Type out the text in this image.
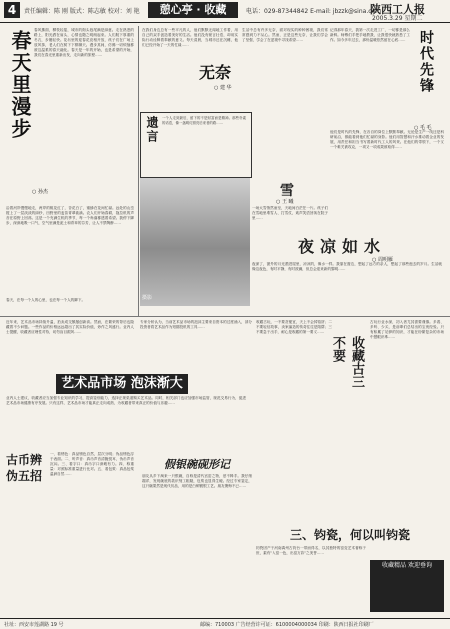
4	责任编辑：陈 刚 版式：陈志敏 校对：刘 艳	憩心亭 · 收藏	电话：029-87344842 E-mail: jbzzk@sina.com
陕西工人报
2005.3.29 星期二
春天里漫步
○ 孙杰
春风拂面，柳枝轻摇，城市的街头巷尾满是绿意。走在熟悉的路上，阳光洒在肩头，心情也随之明朗起来。人们脱下厚重的冬衣，步履轻快。花坛里的迎春花竞相开放，孩子们在广场上放风筝，老人们在树下下棋聊天。漫步其间，仿佛一切烦恼都被这温柔的春天融化。春天是一年的开始，也是希望的开始，我们在春光里重新出发，走向新的旅程……
沿着河岸慢慢地走，两岸的桃花红了，杏花白了，蜜蜂在花间忙碌。远处的山峦披上了一层淡淡的绿纱，田野里的麦苗青翠欲滴。农人们开始春耕，拖拉机的声音在原野上回荡。这是一个充满生机的季节，每一个角落都透着希望。我停下脚步，深深地吸一口气，空气里满是泥土和青草的芬芳，让人不禁陶醉……
春天，在每一个人的心里，也在每一个人的脚下。
在我们身边总有一些平凡的人，他们默默无闻地工作着，用自己的双手创造着美好的生活。他们没有豪言壮语，却用实际行动诠释着奉献的意义。每天清晨，当城市还在沉睡，他们已经开始了一天的忙碌……
生活中总有许多无奈，面对现实的种种困境，我们常常感到力不从心。然而，正是这些无奈，让我们学会了坚强，学会了在逆境中寻找希望……
记得那年春天，我第一次走进工厂，一切都是那么新鲜。师傅们手把手地教我，让我很快就熟悉了工作。如今多年过去，那份温暖依然留在心底…… 时代先锋
○ 毛 毛
他们是时代的先锋，在各自的岗位上默默奉献。无论是生产一线还是科研前沿，都能看到他们忙碌的身影。他们用智慧和汗水推动着企业的发展，用责任和担当书写着新时代工人的风采。在他们的带领下，一个又一个难关被攻克，一项又一项成果被取得……
无奈
○ 建 华
遗言 一个人走到最后，留下的不是财富而是精神。那些朴素的话语，像一盏明灯照亮后来者的路……
雪
○ 王 曦
一场大雪悄然而至，天地间白茫茫一片。孩子们在雪地里堆雪人、打雪仗，欢声笑语回荡在院子里……
夜凉如水
○ 周明雁
夜深了，窗外的月光洒进屋里，凉凉的，像水一样。我靠在窗边，想起了远方的亲人，想起了那些逝去的岁月。生活就像这夜色，有时平静，有时波澜，但总会迎来新的黎明……
摄影
近年来，艺术品市场持续升温，拍卖成交额屡创新高。然而，在繁荣的背后也隐藏着不少问题。一些作品的价格远远超出了其实际价值，炒作之风盛行。业内人士提醒，收藏者应理性对待，切勿盲目跟风……
艺术品市场 泡沫渐大
专家分析认为，当前艺术品市场的泡沫主要来自资本的过度涌入，部分投资者将艺术品作为短期投机的工具……
业内人士建议，收藏者应当加强专业知识的学习，提高鉴别能力，选择正规渠道购买艺术品。同时，相关部门也应加强市场监管，规范交易行为，促进艺术品市场健康有序发展。只有这样，艺术品市场才能真正走向成熟，为收藏者带来真正的价值与乐趣……
古币辨伪五招
一、看锈色：真品锈色自然，层次分明；伪品锈色浮于表面。二、听声音：真币声音清脆悦耳，伪币声音沉闷。三、看字口：真币字口深峻有力。四、称重量：对照标准重量进行比对。五、看包浆：真品包浆温润自然……
假银碗砚形记
朋友从乡下淘来一只银碗，自称是清代官窑之物，爱不释手。我仔细端详，发现碗底的款识刻工粗糙，包浆也显得生硬。经过专家鉴定，这只碗果然是现代仿品，用的是白铜镀银工艺。朋友懊悔不已……
收藏古玩，一不要贪便宜，天上不会掉馅饼；二不要轻信故事，卖家编造的传奇往往是陷阱；三不要急于出手，耐心是收藏的第一要义……
收藏古三不要
古玩行业水深，初入者尤其需要谨慎。多看、多听、少买，是前辈们总结出的宝贵经验。只有积累了足够的知识，才能在纷繁复杂的市场中慧眼识珠……
三、钧瓷，何以叫钧瓷
钧瓷因产于河南禹州古钧台一带而得名，以其独特的窑变艺术著称于世，素有"入窑一色，出窑万彩"之美誉……
收藏精品 欢迎垂询
社址：西安市莲湖路 19 号	邮编：710003 广告经营许可证：6100004000034 印刷：陕西日报社印刷厂
